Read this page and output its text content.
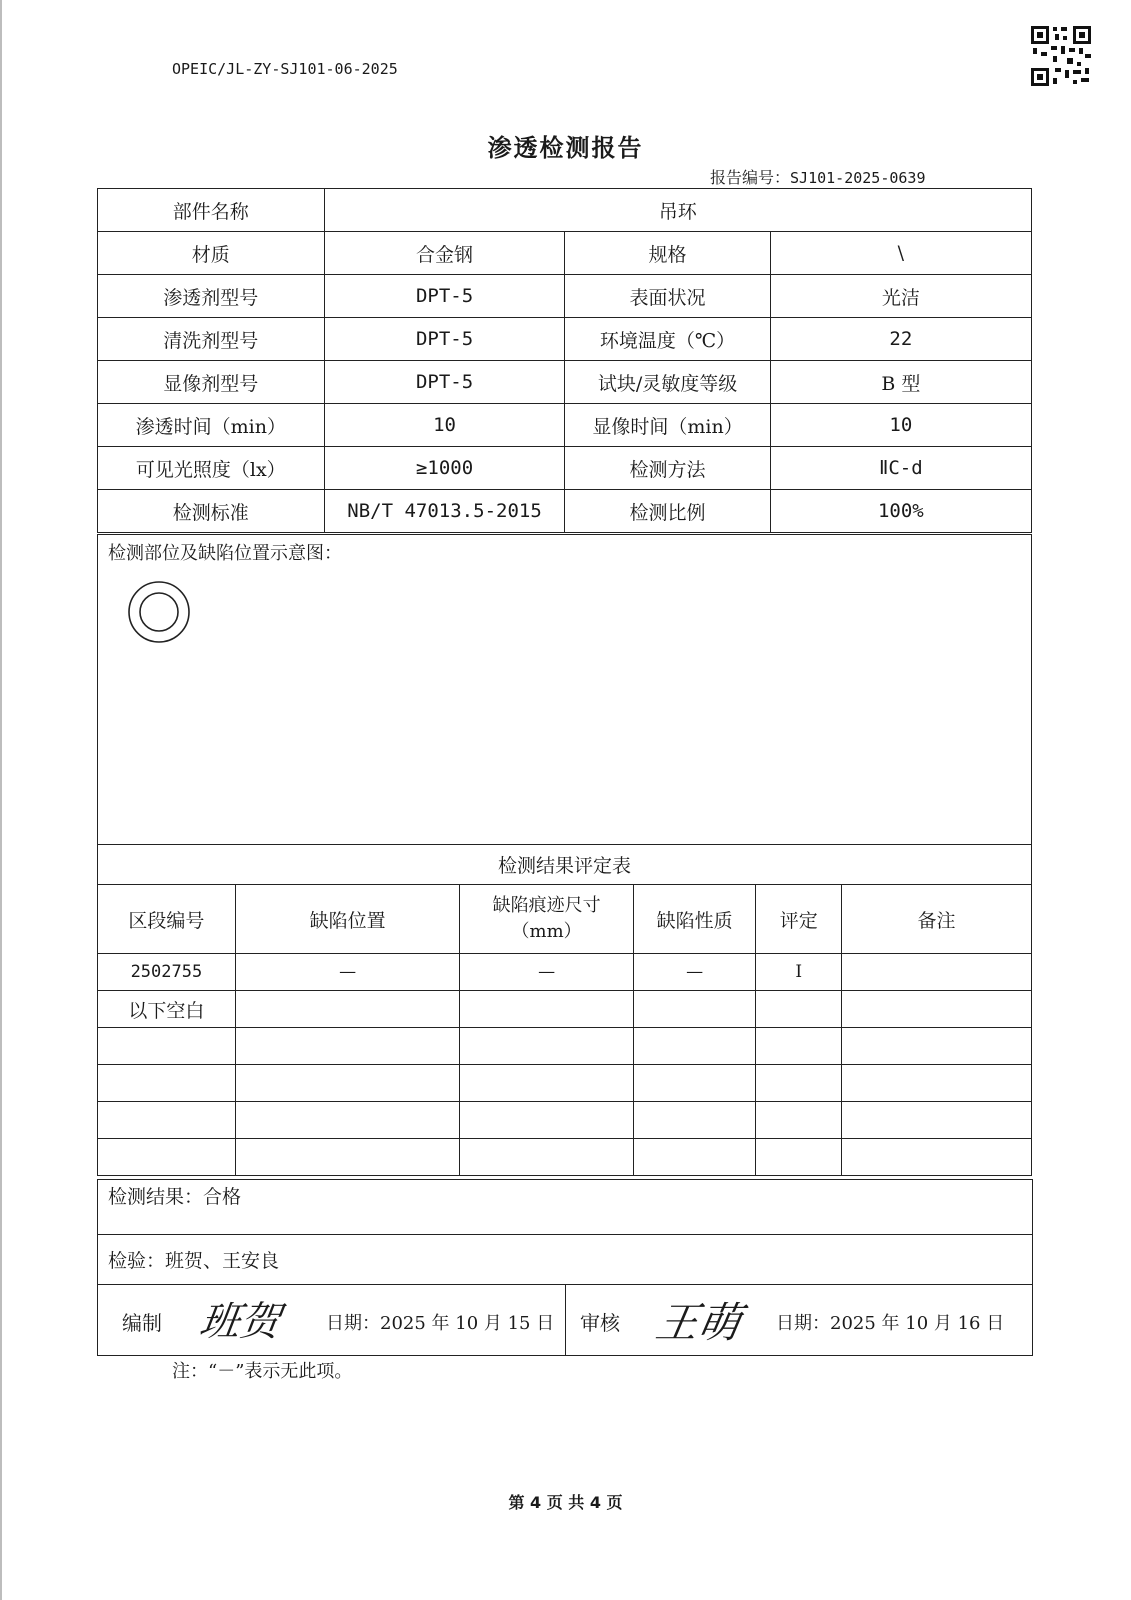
OPEIC/JL-ZY-SJ101-06-2025
渗透检测报告
报告编号：SJ101-2025-0639
部件名称	吊环		
材质	合金钢	规格	\
渗透剂型号	DPT-5	表面状况	光洁
清洗剂型号	DPT-5	环境温度（℃）	22
显像剂型号	DPT-5	试块/灵敏度等级	B 型
渗透时间（min）	10	显像时间（min）	10
可见光照度（lx）	≥1000	检测方法	ⅡC-d
检测标准	NB/T 47013.5-2015	检测比例	100%
检测部位及缺陷位置示意图：

检测结果评定表
区段编号	缺陷位置	缺陷痕迹尺寸
（mm）	缺陷性质	评定	备注
2502755	—	—	—	Ⅰ	
以下空白					

检测结果：合格
检验：班贺、王安良

编制 班贺 日期：2025 年 10 月 15 日	审核 王萌	日期：2025 年 10 月 16 日
注：“－”表示无此项。
第 4 页 共 4 页
